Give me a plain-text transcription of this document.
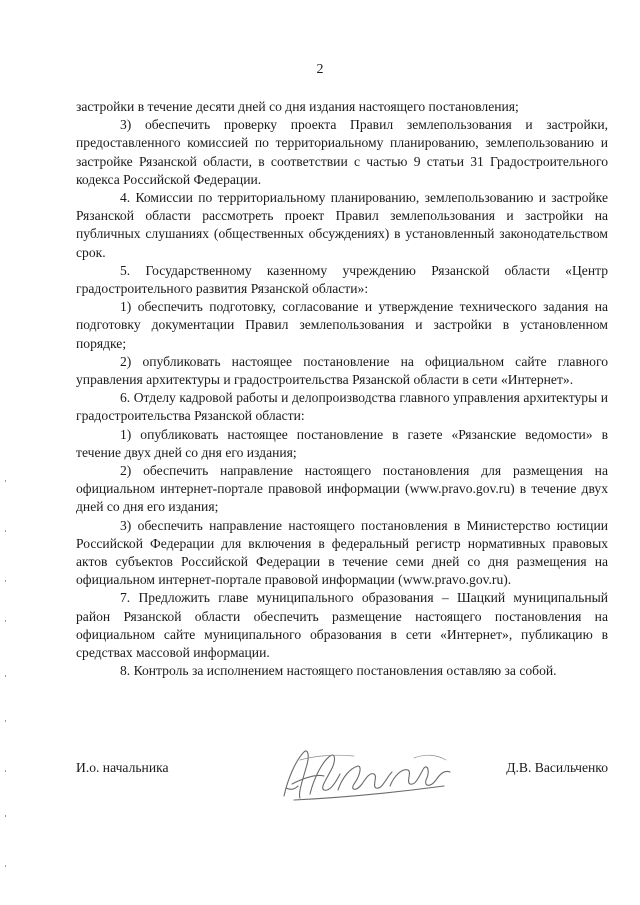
2

застройки в течение десяти дней со дня издания настоящего постановления;

3) обеспечить проверку проекта Правил землепользования и застройки, предоставленного комиссией по территориальному планированию, землепользованию и застройке Рязанской области, в соответствии с частью 9 статьи 31 Градостроительного кодекса Российской Федерации.

4. Комиссии по территориальному планированию, землепользованию и застройке Рязанской области рассмотреть проект Правил землепользования и застройки на публичных слушаниях (общественных обсуждениях) в установленный законодательством срок.

5. Государственному казенному учреждению Рязанской области «Центр градостроительного развития Рязанской области»:

1) обеспечить подготовку, согласование и утверждение технического задания на подготовку документации Правил землепользования и застройки в установленном порядке;

2) опубликовать настоящее постановление на официальном сайте главного управления архитектуры и градостроительства Рязанской области в сети «Интернет».

6. Отделу кадровой работы и делопроизводства главного управления архитектуры и градостроительства Рязанской области:

1) опубликовать настоящее постановление в газете «Рязанские ведомости» в течение двух дней со дня его издания;

2) обеспечить направление настоящего постановления для размещения на официальном интернет-портале правовой информации (www.pravo.gov.ru) в течение двух дней со дня его издания;

3) обеспечить направление настоящего постановления в Министерство юстиции Российской Федерации для включения в федеральный регистр нормативных правовых актов субъектов Российской Федерации в течение семи дней со дня размещения на официальном интернет-портале правовой информации (www.pravo.gov.ru).

7. Предложить главе муниципального образования – Шацкий муниципальный район Рязанской области обеспечить размещение настоящего постановления на официальном сайте муниципального образования в сети «Интернет», публикацию в средствах массовой информации.

8. Контроль за исполнением настоящего постановления оставляю за собой.

И.о. начальника	Д.В. Васильченко
